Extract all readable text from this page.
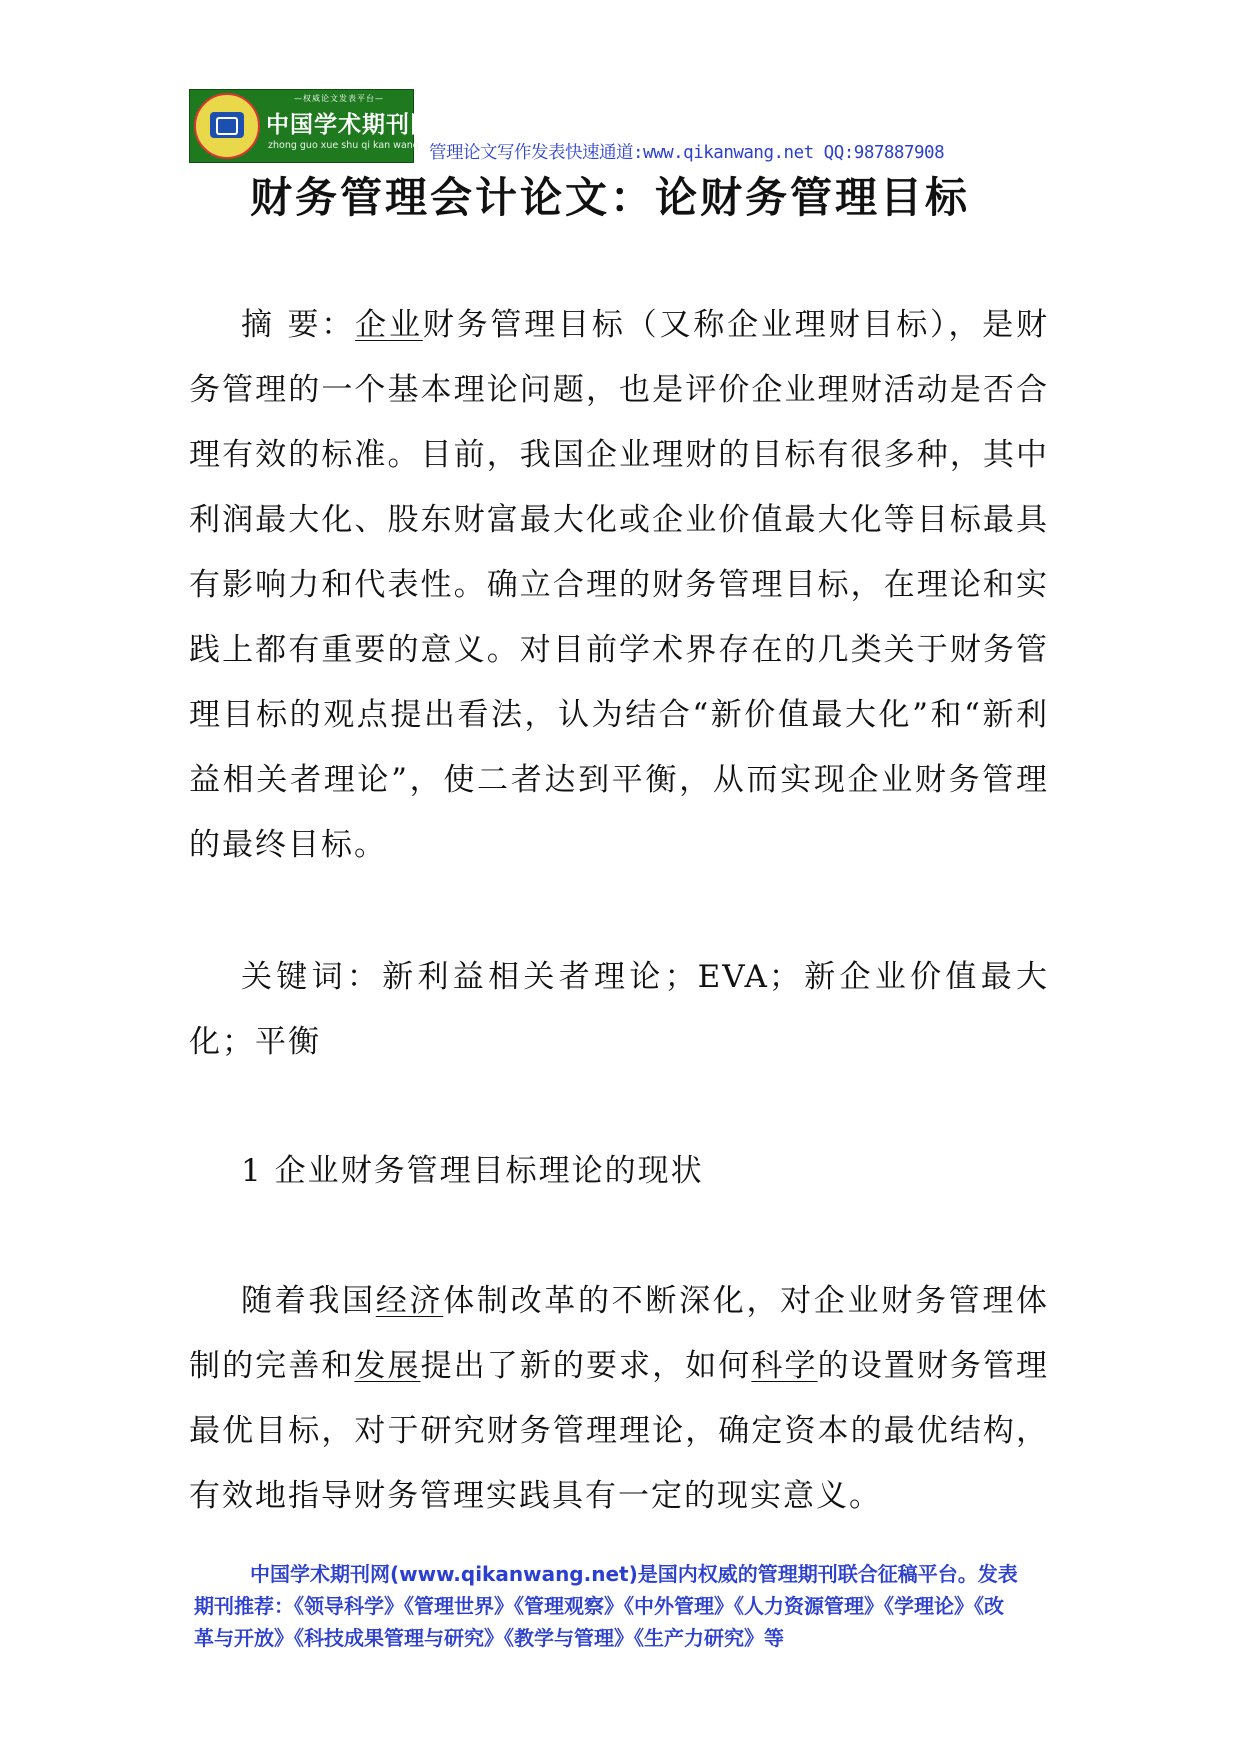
—权威论文发表平台—
中国学术期刊网
zhong guo xue shu qi kan wang 管理论文写作发表快速通道:www.qikanwang.net QQ:987887908
财务管理会计论文：论财务管理目标

摘 要：企业财务管理目标（又称企业理财目标），是财务管理的一个基本理论问题，也是评价企业理财活动是否合理有效的标准。目前，我国企业理财的目标有很多种，其中利润最大化、股东财富最大化或企业价值最大化等目标最具有影响力和代表性。确立合理的财务管理目标，在理论和实践上都有重要的意义。对目前学术界存在的几类关于财务管理目标的观点提出看法，认为结合“新价值最大化”和“新利益相关者理论”，使二者达到平衡，从而实现企业财务管理的最终目标。

关键词：新利益相关者理论；EVA；新企业价值最大化；平衡

1 企业财务管理目标理论的现状

随着我国经济体制改革的不断深化，对企业财务管理体制的完善和发展提出了新的要求，如何科学的设置财务管理最优目标，对于研究财务管理理论，确定资本的最优结构，有效地指导财务管理实践具有一定的现实意义。

中国学术期刊网(www.qikanwang.net)是国内权威的管理期刊联合征稿平台。发表
期刊推荐：《领导科学》《管理世界》《管理观察》《中外管理》《人力资源管理》《学理论》《改
革与开放》《科技成果管理与研究》《教学与管理》《生产力研究》等
